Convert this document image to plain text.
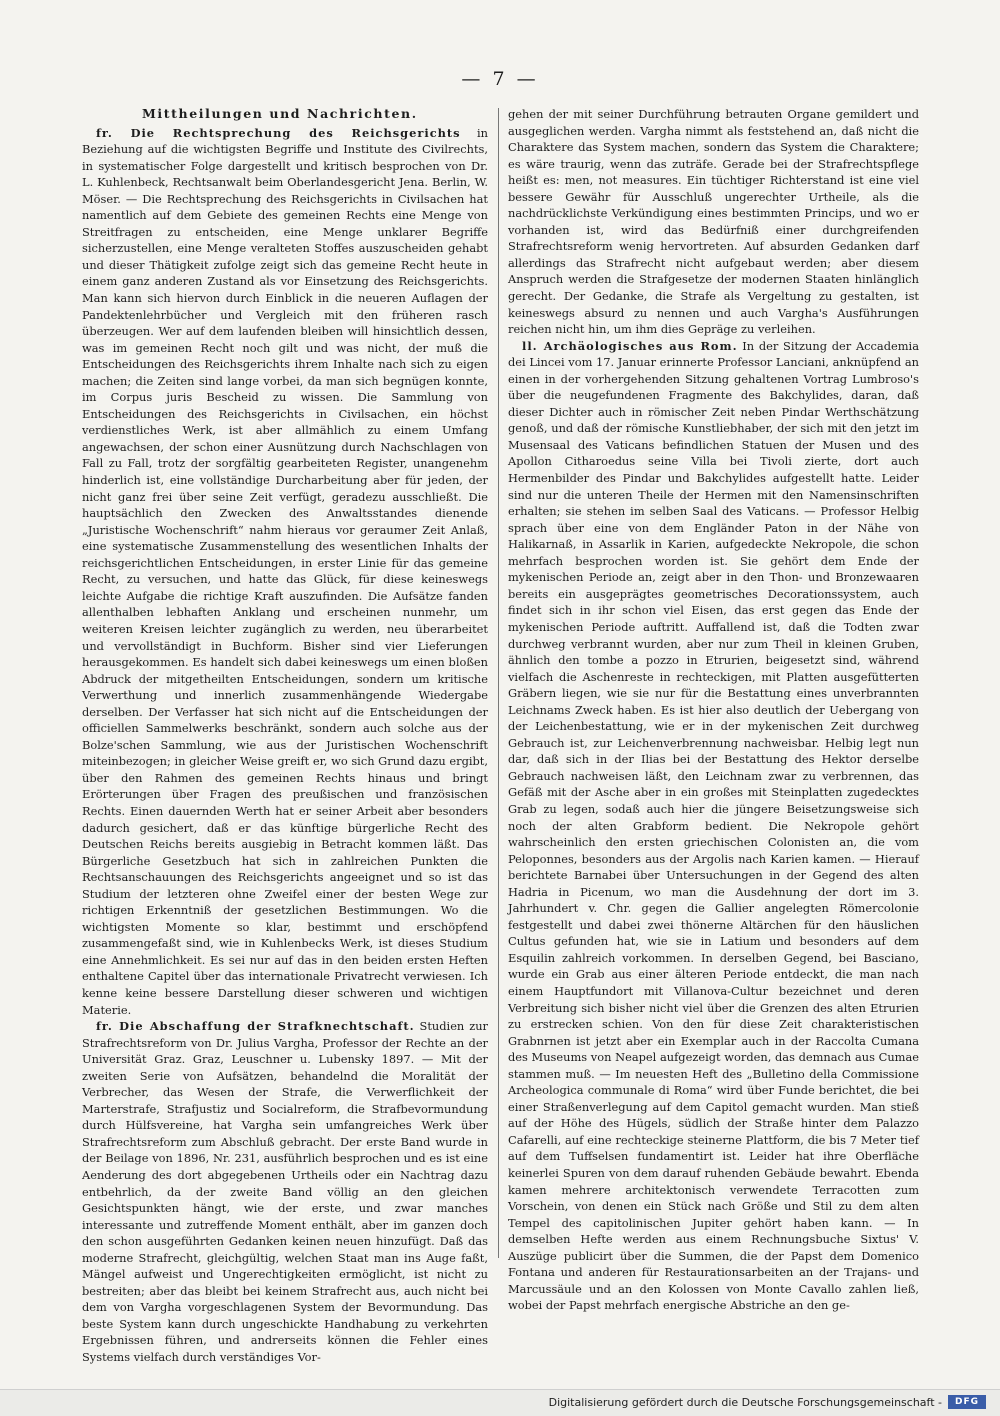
— 7 —
Mittheilungen und Nachrichten.

fr. Die Rechtsprechung des Reichsgerichts in Beziehung auf die wichtigsten Begriffe und Institute des Civilrechts, in systematischer Folge dargestellt und kritisch besprochen von Dr. L. Kuhlenbeck, Rechtsanwalt beim Oberlandesgericht Jena. Berlin, W. Möser. — Die Rechtsprechung des Reichsgerichts in Civilsachen hat namentlich auf dem Gebiete des gemeinen Rechts eine Menge von Streitfragen zu entscheiden, eine Menge unklarer Begriffe sicherzustellen, eine Menge veralteten Stoffes auszuscheiden gehabt und dieser Thätigkeit zufolge zeigt sich das gemeine Recht heute in einem ganz anderen Zustand als vor Einsetzung des Reichsgerichts. Man kann sich hiervon durch Einblick in die neueren Auflagen der Pandektenlehrbücher und Vergleich mit den früheren rasch überzeugen. Wer auf dem laufenden bleiben will hinsichtlich dessen, was im gemeinen Recht noch gilt und was nicht, der muß die Entscheidungen des Reichsgerichts ihrem Inhalte nach sich zu eigen machen; die Zeiten sind lange vorbei, da man sich begnügen konnte, im Corpus juris Bescheid zu wissen. Die Sammlung von Entscheidungen des Reichsgerichts in Civilsachen, ein höchst verdienstliches Werk, ist aber allmählich zu einem Umfang angewachsen, der schon einer Ausnützung durch Nachschlagen von Fall zu Fall, trotz der sorgfältig gearbeiteten Register, unangenehm hinderlich ist, eine vollständige Durcharbeitung aber für jeden, der nicht ganz frei über seine Zeit verfügt, geradezu ausschließt. Die hauptsächlich den Zwecken des Anwaltsstandes dienende „Juristische Wochenschrift“ nahm hieraus vor geraumer Zeit Anlaß, eine systematische Zusammenstellung des wesentlichen Inhalts der reichsgerichtlichen Entscheidungen, in erster Linie für das gemeine Recht, zu versuchen, und hatte das Glück, für diese keineswegs leichte Aufgabe die richtige Kraft auszufinden. Die Aufsätze fanden allenthalben lebhaften Anklang und erscheinen nunmehr, um weiteren Kreisen leichter zugänglich zu werden, neu überarbeitet und vervollständigt in Buchform. Bisher sind vier Lieferungen herausgekommen. Es handelt sich dabei keineswegs um einen bloßen Abdruck der mitgetheilten Entscheidungen, sondern um kritische Verwerthung und innerlich zusammenhängende Wiedergabe derselben. Der Verfasser hat sich nicht auf die Entscheidungen der officiellen Sammelwerks beschränkt, sondern auch solche aus der Bolze'schen Sammlung, wie aus der Juristischen Wochenschrift miteinbezogen; in gleicher Weise greift er, wo sich Grund dazu ergibt, über den Rahmen des gemeinen Rechts hinaus und bringt Erörterungen über Fragen des preußischen und französischen Rechts. Einen dauernden Werth hat er seiner Arbeit aber besonders dadurch gesichert, daß er das künftige bürgerliche Recht des Deutschen Reichs bereits ausgiebig in Betracht kommen läßt. Das Bürgerliche Gesetzbuch hat sich in zahlreichen Punkten die Rechtsanschauungen des Reichsgerichts angeeignet und so ist das Studium der letzteren ohne Zweifel einer der besten Wege zur richtigen Erkenntniß der gesetzlichen Bestimmungen. Wo die wichtigsten Momente so klar, bestimmt und erschöpfend zusammengefaßt sind, wie in Kuhlenbecks Werk, ist dieses Studium eine Annehmlichkeit. Es sei nur auf das in den beiden ersten Heften enthaltene Capitel über das internationale Privatrecht verwiesen. Ich kenne keine bessere Darstellung dieser schweren und wichtigen Materie.

fr. Die Abschaffung der Strafknechtschaft. Studien zur Strafrechtsreform von Dr. Julius Vargha, Professor der Rechte an der Universität Graz. Graz, Leuschner u. Lubensky 1897. — Mit der zweiten Serie von Aufsätzen, behandelnd die Moralität der Verbrecher, das Wesen der Strafe, die Verwerflichkeit der Marterstrafe, Strafjustiz und Socialreform, die Strafbevormundung durch Hülfsvereine, hat Vargha sein umfangreiches Werk über Strafrechtsreform zum Abschluß gebracht. Der erste Band wurde in der Beilage von 1896, Nr. 231, ausführlich besprochen und es ist eine Aenderung des dort abgegebenen Urtheils oder ein Nachtrag dazu entbehrlich, da der zweite Band völlig an den gleichen Gesichtspunkten hängt, wie der erste, und zwar manches interessante und zutreffende Moment enthält, aber im ganzen doch den schon ausgeführten Gedanken keinen neuen hinzufügt. Daß das moderne Strafrecht, gleichgültig, welchen Staat man ins Auge faßt, Mängel aufweist und Ungerechtigkeiten ermöglicht, ist nicht zu bestreiten; aber das bleibt bei keinem Strafrecht aus, auch nicht bei dem von Vargha vorgeschlagenen System der Bevormundung. Das beste System kann durch ungeschickte Handhabung zu verkehrten Ergebnissen führen, und andrerseits können die Fehler eines Systems vielfach durch verständiges Vor-

gehen der mit seiner Durchführung betrauten Organe gemildert und ausgeglichen werden. Vargha nimmt als feststehend an, daß nicht die Charaktere das System machen, sondern das System die Charaktere; es wäre traurig, wenn das zuträfe. Gerade bei der Strafrechtspflege heißt es: men, not measures. Ein tüchtiger Richterstand ist eine viel bessere Gewähr für Ausschluß ungerechter Urtheile, als die nachdrücklichste Verkündigung eines bestimmten Princips, und wo er vorhanden ist, wird das Bedürfniß einer durchgreifenden Strafrechtsreform wenig hervortreten. Auf absurden Gedanken darf allerdings das Strafrecht nicht aufgebaut werden; aber diesem Anspruch werden die Strafgesetze der modernen Staaten hinlänglich gerecht. Der Gedanke, die Strafe als Vergeltung zu gestalten, ist keineswegs absurd zu nennen und auch Vargha's Ausführungen reichen nicht hin, um ihm dies Gepräge zu verleihen.

ll. Archäologisches aus Rom. In der Sitzung der Accademia dei Lincei vom 17. Januar erinnerte Professor Lanciani, anknüpfend an einen in der vorhergehenden Sitzung gehaltenen Vortrag Lumbroso's über die neugefundenen Fragmente des Bakchylides, daran, daß dieser Dichter auch in römischer Zeit neben Pindar Werthschätzung genoß, und daß der römische Kunstliebhaber, der sich mit den jetzt im Musensaal des Vaticans befindlichen Statuen der Musen und des Apollon Citharoedus seine Villa bei Tivoli zierte, dort auch Hermenbilder des Pindar und Bakchylides aufgestellt hatte. Leider sind nur die unteren Theile der Hermen mit den Namensinschriften erhalten; sie stehen im selben Saal des Vaticans. — Professor Helbig sprach über eine von dem Engländer Paton in der Nähe von Halikarnaß, in Assarlik in Karien, aufgedeckte Nekropole, die schon mehrfach besprochen worden ist. Sie gehört dem Ende der mykenischen Periode an, zeigt aber in den Thon- und Bronzewaaren bereits ein ausgeprägtes geometrisches Decorationssystem, auch findet sich in ihr schon viel Eisen, das erst gegen das Ende der mykenischen Periode auftritt. Auffallend ist, daß die Todten zwar durchweg verbrannt wurden, aber nur zum Theil in kleinen Gruben, ähnlich den tombe a pozzo in Etrurien, beigesetzt sind, während vielfach die Aschenreste in rechteckigen, mit Platten ausgefütterten Gräbern liegen, wie sie nur für die Bestattung eines unverbrannten Leichnams Zweck haben. Es ist hier also deutlich der Uebergang von der Leichenbestattung, wie er in der mykenischen Zeit durchweg Gebrauch ist, zur Leichenverbrennung nachweisbar. Helbig legt nun dar, daß sich in der Ilias bei der Bestattung des Hektor derselbe Gebrauch nachweisen läßt, den Leichnam zwar zu verbrennen, das Gefäß mit der Asche aber in ein großes mit Steinplatten zugedecktes Grab zu legen, sodaß auch hier die jüngere Beisetzungsweise sich noch der alten Grabform bedient. Die Nekropole gehört wahrscheinlich den ersten griechischen Colonisten an, die vom Peloponnes, besonders aus der Argolis nach Karien kamen. — Hierauf berichtete Barnabei über Untersuchungen in der Gegend des alten Hadria in Picenum, wo man die Ausdehnung der dort im 3. Jahrhundert v. Chr. gegen die Gallier angelegten Römercolonie festgestellt und dabei zwei thönerne Altärchen für den häuslichen Cultus gefunden hat, wie sie in Latium und besonders auf dem Esquilin zahlreich vorkommen. In derselben Gegend, bei Basciano, wurde ein Grab aus einer älteren Periode entdeckt, die man nach einem Hauptfundort mit Villanova-Cultur bezeichnet und deren Verbreitung sich bisher nicht viel über die Grenzen des alten Etrurien zu erstrecken schien. Von den für diese Zeit charakteristischen Grabnrnen ist jetzt aber ein Exemplar auch in der Raccolta Cumana des Museums von Neapel aufgezeigt worden, das demnach aus Cumae stammen muß. — Im neuesten Heft des „Bulletino della Commissione Archeologica communale di Roma“ wird über Funde berichtet, die bei einer Straßenverlegung auf dem Capitol gemacht wurden. Man stieß auf der Höhe des Hügels, südlich der Straße hinter dem Palazzo Cafarelli, auf eine rechteckige steinerne Plattform, die bis 7 Meter tief auf dem Tuffselsen fundamentirt ist. Leider hat ihre Oberfläche keinerlei Spuren von dem darauf ruhenden Gebäude bewahrt. Ebenda kamen mehrere architektonisch verwendete Terracotten zum Vorschein, von denen ein Stück nach Größe und Stil zu dem alten Tempel des capitolinischen Jupiter gehört haben kann. — In demselben Hefte werden aus einem Rechnungsbuche Sixtus' V. Auszüge publicirt über die Summen, die der Papst dem Domenico Fontana und anderen für Restaurationsarbeiten an der Trajans- und Marcussäule und an den Kolossen von Monte Cavallo zahlen ließ, wobei der Papst mehrfach energische Abstriche an den ge-

Digitalisierung gefördert durch die Deutsche Forschungsgemeinschaft -	DFG
